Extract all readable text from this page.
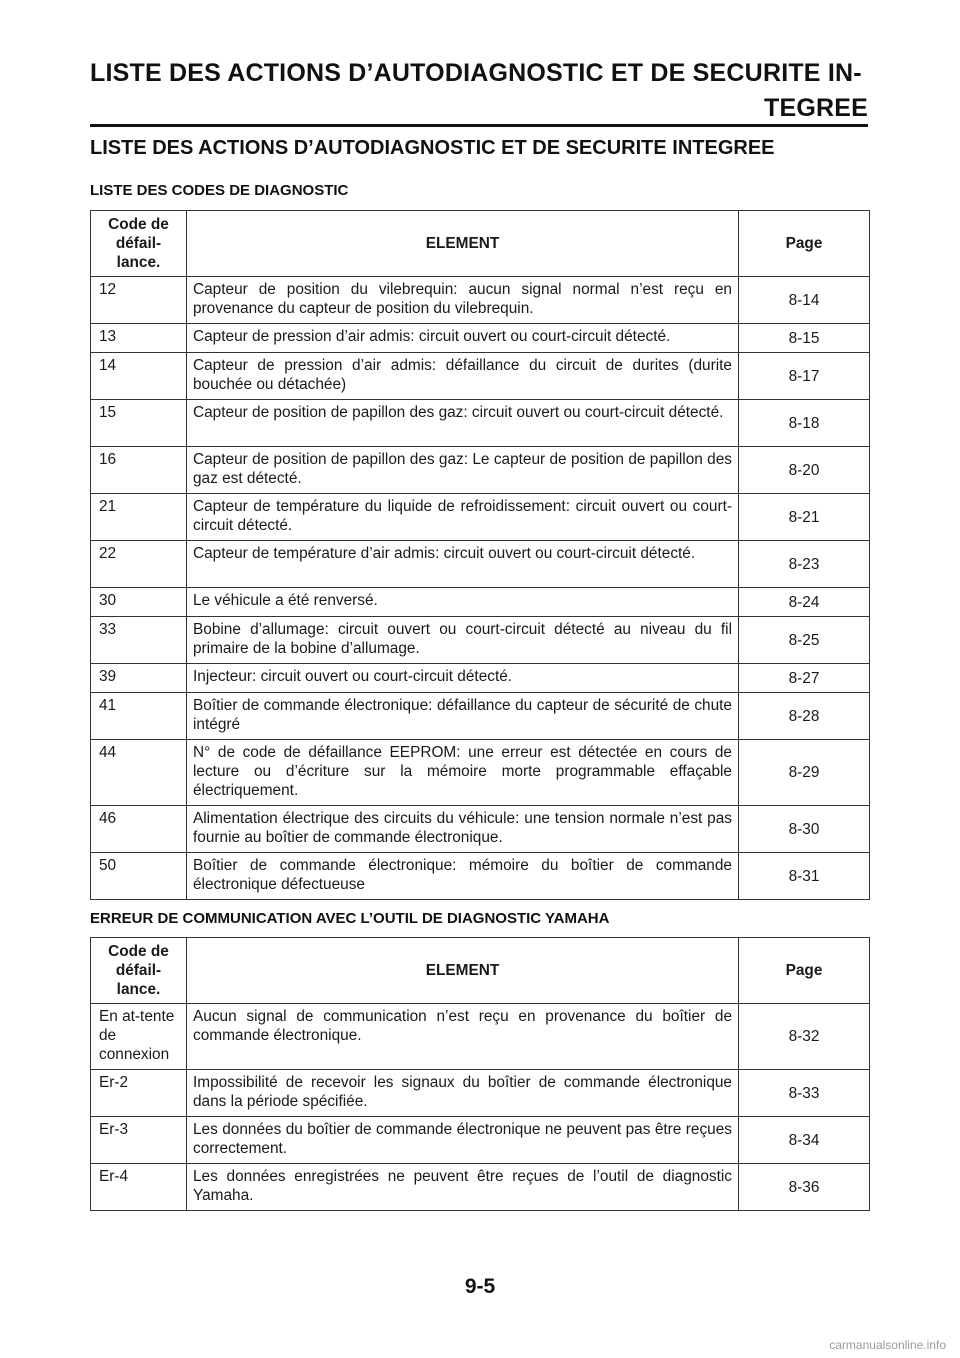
LISTE DES ACTIONS D’AUTODIAGNOSTIC ET DE SECURITE IN-
TEGREE
LISTE DES ACTIONS D’AUTODIAGNOSTIC ET DE SECURITE INTEGREE
LISTE DES CODES DE DIAGNOSTIC
Code de défail-lance.	ELEMENT	Page
12	Capteur de position du vilebrequin: aucun signal normal n’est reçu en provenance du capteur de position du vilebrequin.	8-14
13	Capteur de pression d’air admis: circuit ouvert ou court-circuit détecté.	8-15
14	Capteur de pression d’air admis: défaillance du circuit de durites (durite bouchée ou détachée)	8-17
15	Capteur de position de papillon des gaz: circuit ouvert ou court-circuit détecté.	8-18
16	Capteur de position de papillon des gaz: Le capteur de position de papillon des gaz est détecté.	8-20
21	Capteur de température du liquide de refroidissement: circuit ouvert ou court-circuit détecté.	8-21
22	Capteur de température d’air admis: circuit ouvert ou court-circuit détecté.	8-23
30	Le véhicule a été renversé.	8-24
33	Bobine d’allumage: circuit ouvert ou court-circuit détecté au niveau du fil primaire de la bobine d’allumage.	8-25
39	Injecteur: circuit ouvert ou court-circuit détecté.	8-27
41	Boîtier de commande électronique: défaillance du capteur de sécurité de chute intégré	8-28
44	N° de code de défaillance EEPROM: une erreur est détectée en cours de lecture ou d’écriture sur la mémoire morte programmable effaçable électriquement.	8-29
46	Alimentation électrique des circuits du véhicule: une tension normale n’est pas fournie au boîtier de commande électronique.	8-30
50	Boîtier de commande électronique: mémoire du boîtier de commande électronique défectueuse	8-31
ERREUR DE COMMUNICATION AVEC L’OUTIL DE DIAGNOSTIC YAMAHA
Code de défail-lance.	ELEMENT	Page
En at-tente de connexion	Aucun signal de communication n’est reçu en provenance du boîtier de commande électronique.	8-32
Er-2	Impossibilité de recevoir les signaux du boîtier de commande électronique dans la période spécifiée.	8-33
Er-3	Les données du boîtier de commande électronique ne peuvent pas être reçues correctement.	8-34
Er-4	Les données enregistrées ne peuvent être reçues de l’outil de diagnostic Yamaha.	8-36
9-5
carmanualsonline.info
